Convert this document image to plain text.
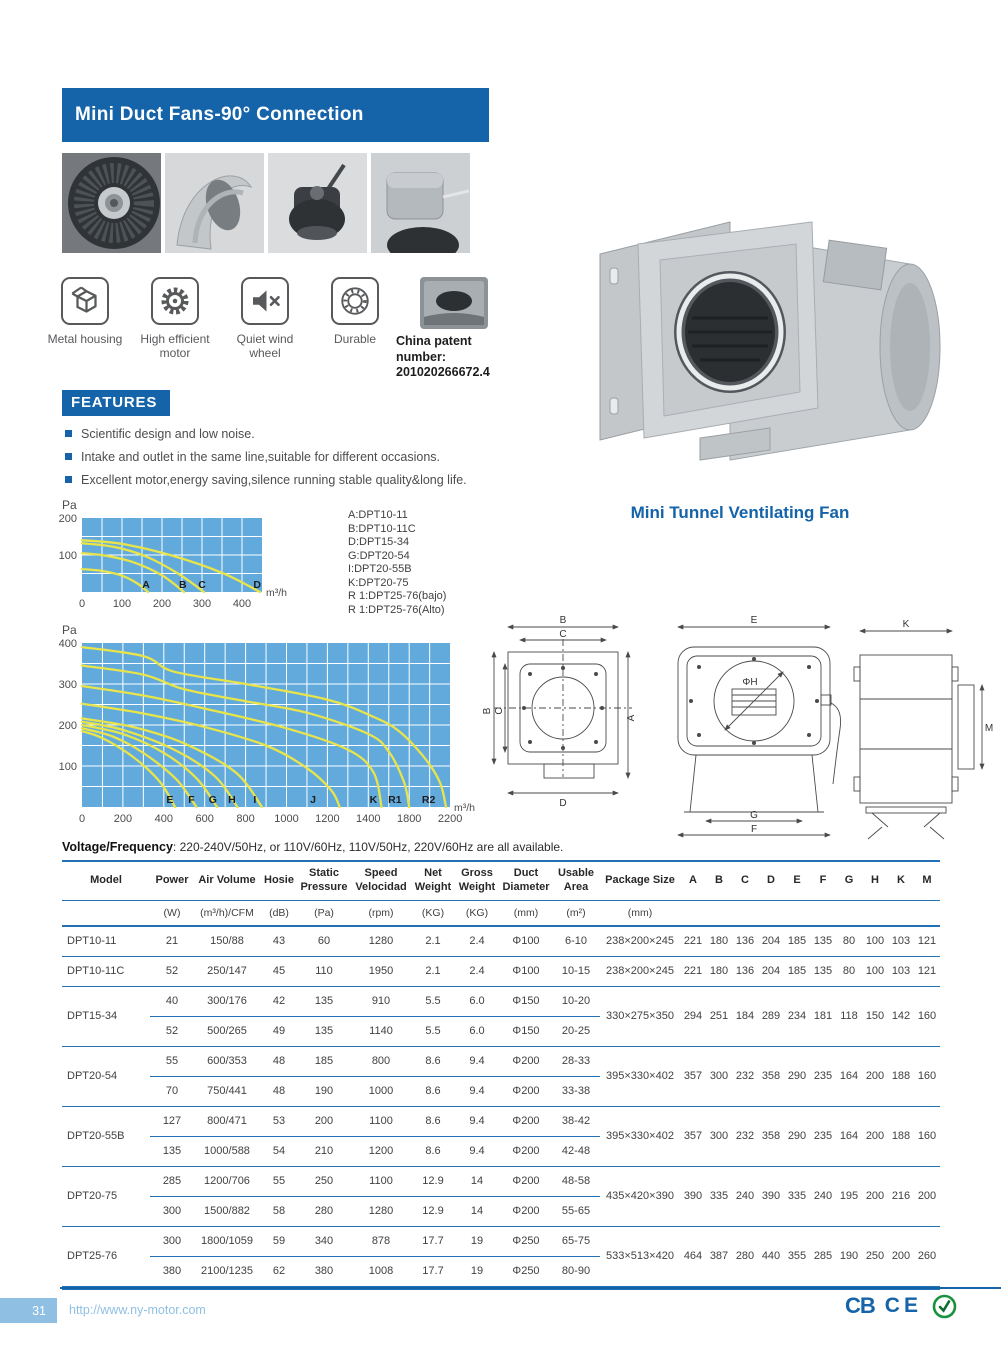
Mini Duct Fans-90° Connection
Metal housing	High efficient motor
Quiet wind wheel
Durable	China patent number:
201020266672.4
FEATURES
Scientific design and low noise.
Intake and outlet in the same line,suitable for different occasions.
Excellent motor,energy saving,silence running stable quality&long life.
Pa
A	B C	D
0	100 200 300 400
100
200
m³/h
A:DPT10-11
B:DPT10-11C
D:DPT15-34
G:DPT20-54
I:DPT20-55B
K:DPT20-75
R 1:DPT25-76(bajo)
R 1:DPT25-76(Alto)
Mini Tunnel Ventilating Fan
Pa
E F G H I	J	K R1 R2
0	200 400 600 800 1000 1200 1400 1800 2200
100
200
300
400
m³/h
B
C
B C
A
D
E
ΦH
G
F
K
M
Voltage/Frequency: 220-240V/50Hz, or 110V/60Hz, 110V/50Hz, 220V/60Hz are all available.
Model	Power	Air Volume	Hosie	Static Pressure	Speed Velocidad	Net Weight	Gross Weight	Duct Diameter	Usable Area	Package Size	A	B	C	D	E	F	G	H	K	M
	(W)	(m³/h)/CFM	(dB)	(Pa)	(rpm)	(KG)	(KG)	(mm)	(m²)	(mm)										
DPT10-11	21	150/88	43	60	1280	2.1	2.4	Φ100	6-10	238×200×245	221	180	136	204	185	135	80	100	103	121
DPT10-11C	52	250/147	45	110	1950	2.1	2.4	Φ100	10-15	238×200×245	221	180	136	204	185	135	80	100	103	121
DPT15-34	40	300/176	42	135	910	5.5	6.0	Φ150	10-20	330×275×350	294	251	184	289	234	181	118	150	142	160
	52	500/265	49	135	1140	5.5	6.0	Φ150	20-25											
DPT20-54	55	600/353	48	185	800	8.6	9.4	Φ200	28-33	395×330×402	357	300	232	358	290	235	164	200	188	160
	70	750/441	48	190	1000	8.6	9.4	Φ200	33-38											
DPT20-55B	127	800/471	53	200	1100	8.6	9.4	Φ200	38-42	395×330×402	357	300	232	358	290	235	164	200	188	160
	135	1000/588	54	210	1200	8.6	9.4	Φ200	42-48											
DPT20-75	285	1200/706	55	250	1100	12.9	14	Φ200	48-58	435×420×390	390	335	240	390	335	240	195	200	216	200
	300	1500/882	58	280	1280	12.9	14	Φ200	55-65											
DPT25-76	300	1800/1059	59	340	878	17.7	19	Φ250	65-75	533×513×420	464	387	280	440	355	285	190	250	200	260
	380	2100/1235	62	380	1008	17.7	19	Φ250	80-90											
31	http://www.ny-motor.com	CB CE
